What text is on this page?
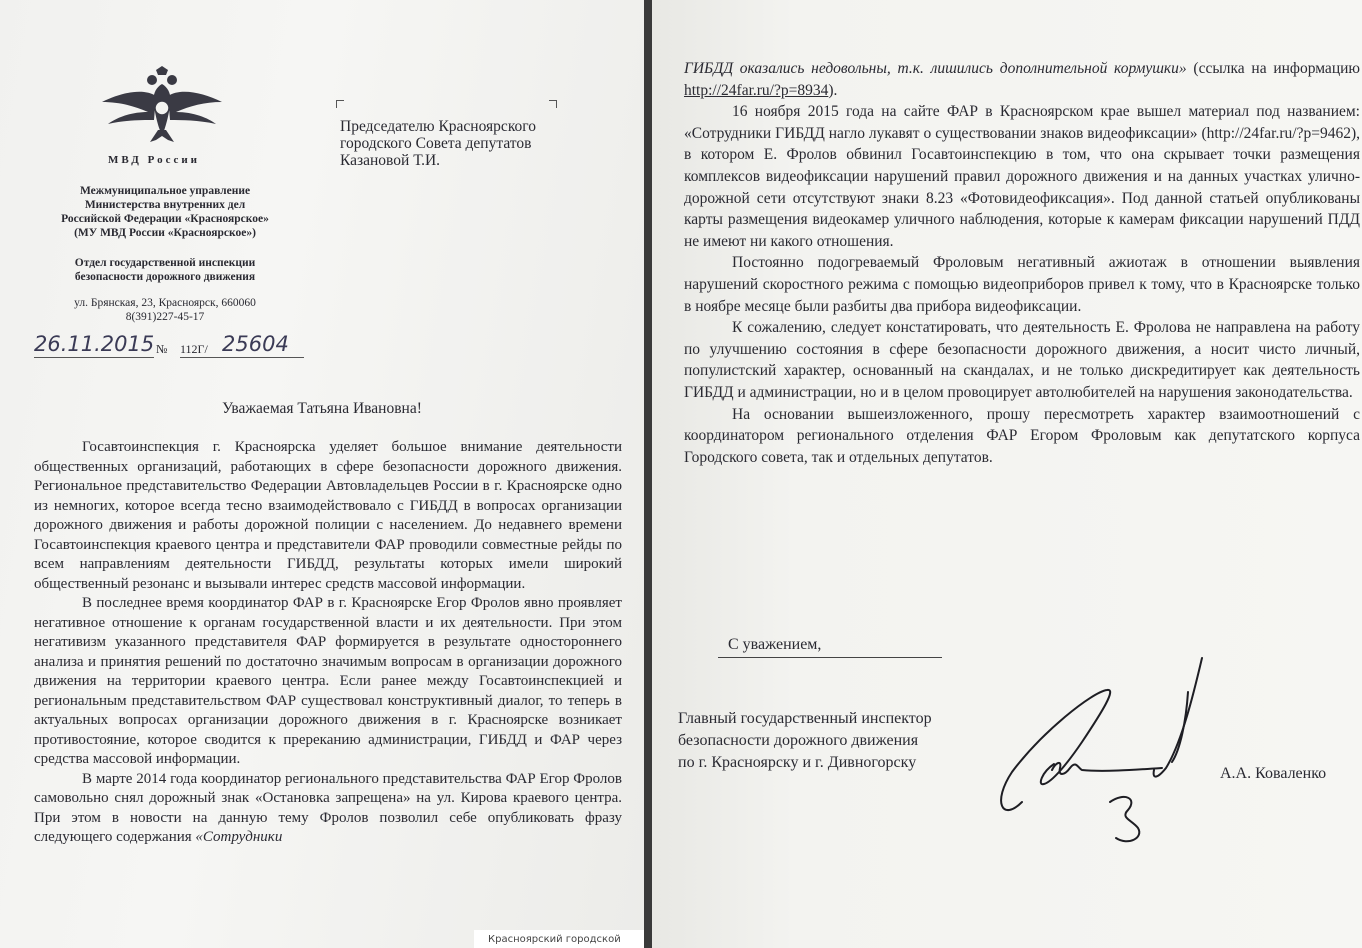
МВД России
Межмуниципальное управление
Министерства внутренних дел
Российской Федерации «Красноярское»
(МУ МВД России «Красноярское»)
Отдел государственной инспекции
безопасности дорожного движения
ул. Брянская, 23, Красноярск, 660060
8(391)227-45-17
26.11.2015 № 112Г/ 25604
Председателю Красноярского
городского Совета депутатов
Казановой Т.И.
Уважаемая Татьяна Ивановна!

Госавтоинспекция г. Красноярска уделяет большое внимание деятельности общественных организаций, работающих в сфере безопасности дорожного движения. Региональное представительство Федерации Автовладельцев России в г. Красноярске одно из немногих, которое всегда тесно взаимодействовало с ГИБДД в вопросах организации дорожного движения и работы дорожной полиции с населением. До недавнего времени Госавтоинспекция краевого центра и представители ФАР проводили совместные рейды по всем направлениям деятельности ГИБДД, результаты которых имели широкий общественный резонанс и вызывали интерес средств массовой информации.

В последнее время координатор ФАР в г. Красноярске Егор Фролов явно проявляет негативное отношение к органам государственной власти и их деятельности. При этом негативизм указанного представителя ФАР формируется в результате одностороннего анализа и принятия решений по достаточно значимым вопросам в организации дорожного движения на территории краевого центра. Если ранее между Госавтоинспекцией и региональным представительством ФАР существовал конструктивный диалог, то теперь в актуальных вопросах организации дорожного движения в г. Красноярске возникает противостояние, которое сводится к пререканию администрации, ГИБДД и ФАР через средства массовой информации.

В марте 2014 года координатор регионального представительства ФАР Егор Фролов самовольно снял дорожный знак «Остановка запрещена» на ул. Кирова краевого центра. При этом в новости на данную тему Фролов позволил себе опубликовать фразу следующего содержания «Сотрудники

Красноярский городской

ГИБДД оказались недовольны, т.к. лишились дополнительной кормушки» (ссылка на информацию http://24far.ru/?p=8934).

16 ноября 2015 года на сайте ФАР в Красноярском крае вышел материал под названием: «Сотрудники ГИБДД нагло лукавят о существовании знаков видеофиксации» (http://24far.ru/?p=9462), в котором Е. Фролов обвинил Госавтоинспекцию в том, что она скрывает точки размещения комплексов видеофиксации нарушений правил дорожного движения и на данных участках улично-дорожной сети отсутствуют знаки 8.23 «Фотовидеофиксация». Под данной статьей опубликованы карты размещения видеокамер уличного наблюдения, которые к камерам фиксации нарушений ПДД не имеют ни какого отношения.

Постоянно подогреваемый Фроловым негативный ажиотаж в отношении выявления нарушений скоростного режима с помощью видеоприборов привел к тому, что в Красноярске только в ноябре месяце были разбиты два прибора видеофиксации.

К сожалению, следует констатировать, что деятельность Е. Фролова не направлена на работу по улучшению состояния в сфере безопасности дорожного движения, а носит чисто личный, популистский характер, основанный на скандалах, и не только дискредитирует как деятельность ГИБДД и администрации, но и в целом провоцирует автолюбителей на нарушения законодательства.

На основании вышеизложенного, прошу пересмотреть характер взаимоотношений с координатором регионального отделения ФАР Егором Фроловым как депутатского корпуса Городского совета, так и отдельных депутатов.

С уважением,
Главный государственный инспектор
безопасности дорожного движения
по г. Красноярску и г. Дивногорску
А.А. Коваленко
